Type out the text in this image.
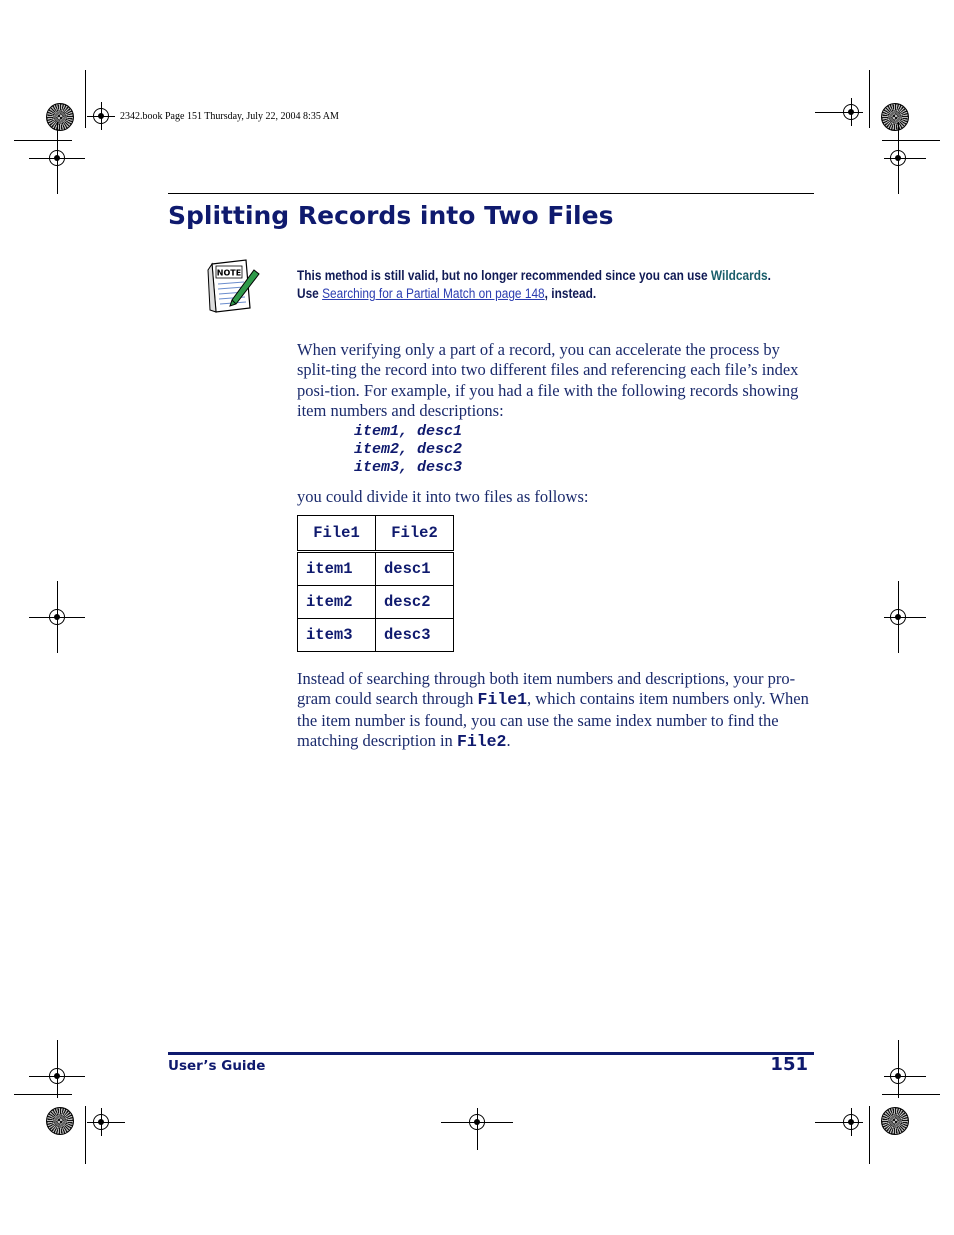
2342.book Page 151 Thursday, July 22, 2004 8:35 AM
Splitting Records into Two Files
NOTE	This method is still valid, but no longer recommended since you can use Wildcards.
Use Searching for a Partial Match on page 148, instead.
When verifying only a part of a record, you can accelerate the process by split-ting the record into two different files and referencing each file’s index posi-tion. For example, if you had a file with the following records showing item numbers and descriptions:
item1, desc1
item2, desc2
item3, desc3
you could divide it into two files as follows:
File1	File2
item1	desc1
item2	desc2
item3	desc3
Instead of searching through both item numbers and descriptions, your pro-gram could search through File1, which contains item numbers only. When the item number is found, you can use the same index number to find the matching description in File2.
User’s Guide	151
